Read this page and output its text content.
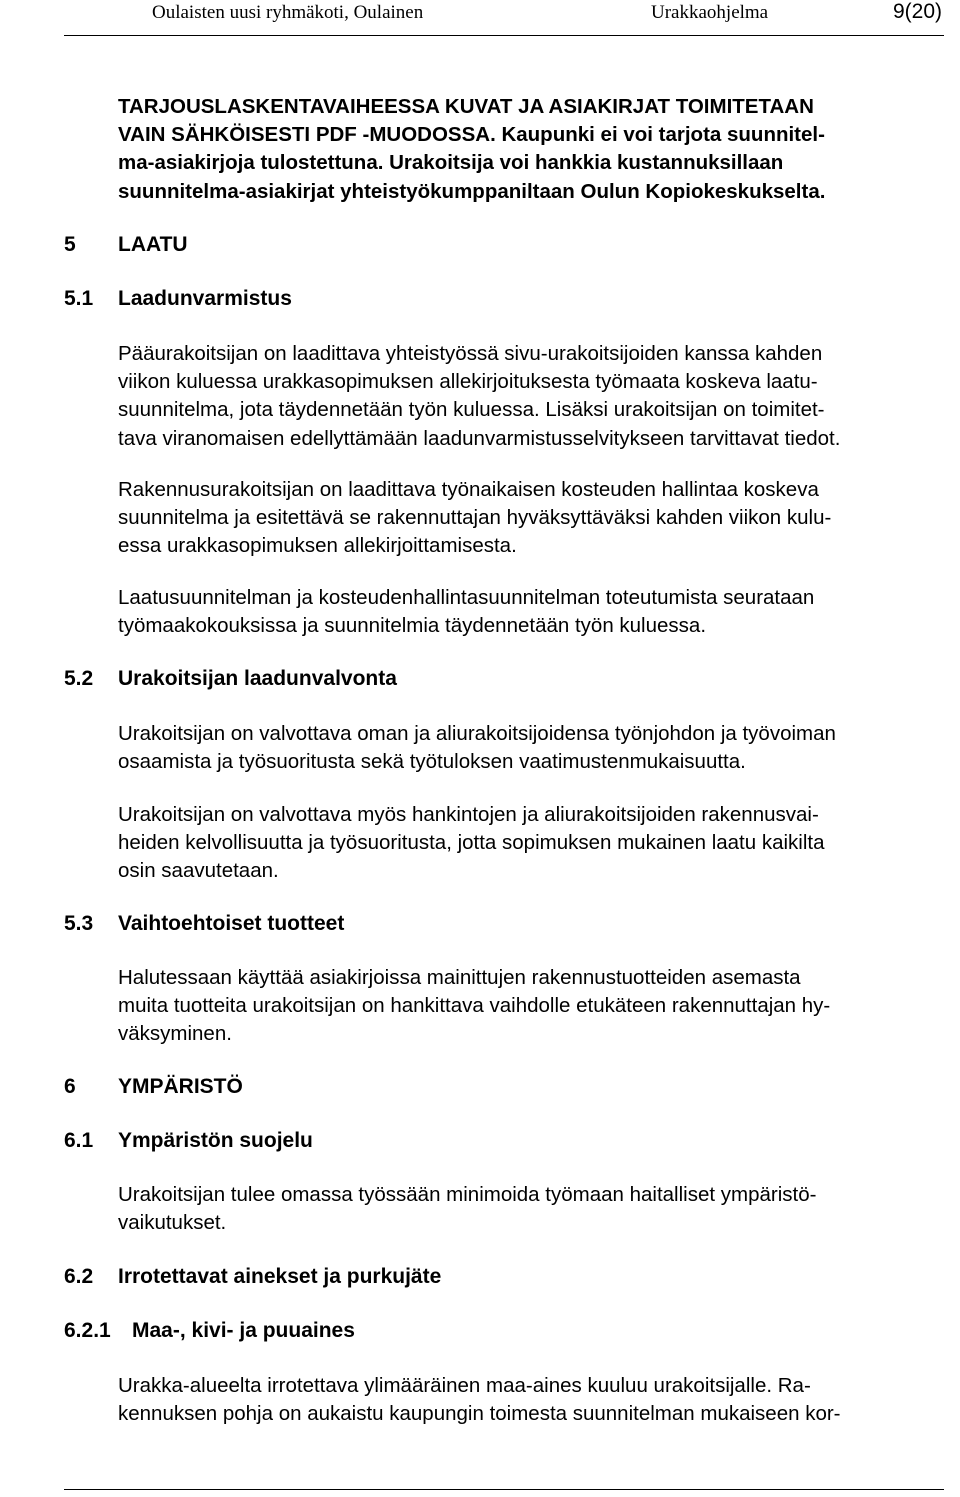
Oulaisten uusi ryhmäkoti, Oulainen	Urakkaohjelma	9(20)
TARJOUSLASKENTAVAIHEESSA KUVAT JA ASIAKIRJAT TOIMITETAAN
VAIN SÄHKÖISESTI PDF -MUODOSSA. Kaupunki ei voi tarjota suunnitel-
ma-asiakirjoja tulostettuna. Urakoitsija voi hankkia kustannuksillaan
suunnitelma-asiakirjat yhteistyökumppaniltaan Oulun Kopiokeskukselta.
5 LAATU
5.1 Laadunvarmistus
Pääurakoitsijan on laadittava yhteistyössä sivu-urakoitsijoiden kanssa kahden
viikon kuluessa urakkasopimuksen allekirjoituksesta työmaata koskeva laatu-
suunnitelma, jota täydennetään työn kuluessa. Lisäksi urakoitsijan on toimitet-
tava viranomaisen edellyttämään laadunvarmistusselvitykseen tarvittavat tiedot.
Rakennusurakoitsijan on laadittava työnaikaisen kosteuden hallintaa koskeva
suunnitelma ja esitettävä se rakennuttajan hyväksyttäväksi kahden viikon kulu-
essa urakkasopimuksen allekirjoittamisesta.
Laatusuunnitelman ja kosteudenhallintasuunnitelman toteutumista seurataan
työmaakokouksissa ja suunnitelmia täydennetään työn kuluessa.
5.2 Urakoitsijan laadunvalvonta
Urakoitsijan on valvottava oman ja aliurakoitsijoidensa työnjohdon ja työvoiman
osaamista ja työsuoritusta sekä työtuloksen vaatimustenmukaisuutta.
Urakoitsijan on valvottava myös hankintojen ja aliurakoitsijoiden rakennusvai-
heiden kelvollisuutta ja työsuoritusta, jotta sopimuksen mukainen laatu kaikilta
osin saavutetaan.
5.3 Vaihtoehtoiset tuotteet
Halutessaan käyttää asiakirjoissa mainittujen rakennustuotteiden asemasta
muita tuotteita urakoitsijan on hankittava vaihdolle etukäteen rakennuttajan hy-
väksyminen.
6 YMPÄRISTÖ
6.1 Ympäristön suojelu
Urakoitsijan tulee omassa työssään minimoida työmaan haitalliset ympäristö-
vaikutukset.
6.2 Irrotettavat ainekset ja purkujäte
6.2.1 Maa-, kivi- ja puuaines
Urakka-alueelta irrotettava ylimääräinen maa-aines kuuluu urakoitsijalle. Ra-
kennuksen pohja on aukaistu kaupungin toimesta suunnitelman mukaiseen kor-
